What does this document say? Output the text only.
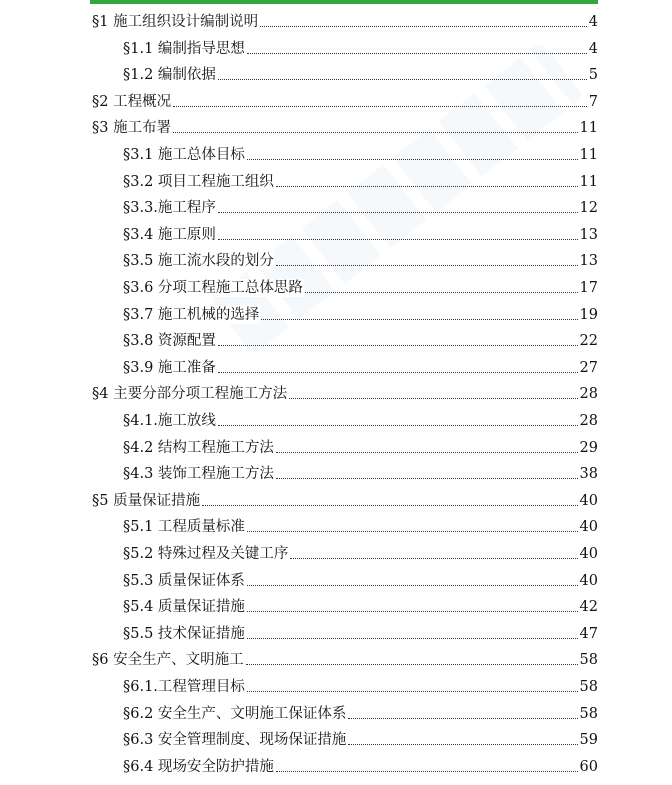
§1 施工组织设计编制说明	4
§1.1 编制指导思想	4
§1.2 编制依据	5
§2 工程概况	7
§3 施工布署	11
§3.1 施工总体目标	11
§3.2 项目工程施工组织	11
§3.3.施工程序	12
§3.4 施工原则	13
§3.5 施工流水段的划分	13
§3.6 分项工程施工总体思路	17
§3.7 施工机械的选择	19
§3.8 资源配置	22
§3.9 施工准备	27
§4 主要分部分项工程施工方法	28
§4.1.施工放线	28
§4.2 结构工程施工方法	29
§4.3 装饰工程施工方法	38
§5 质量保证措施	40
§5.1 工程质量标准	40
§5.2 特殊过程及关键工序	40
§5.3 质量保证体系	40
§5.4 质量保证措施	42
§5.5 技术保证措施	47
§6 安全生产、文明施工	58
§6.1.工程管理目标	58
§6.2 安全生产、文明施工保证体系	58
§6.3 安全管理制度、现场保证措施	59
§6.4 现场安全防护措施	60
